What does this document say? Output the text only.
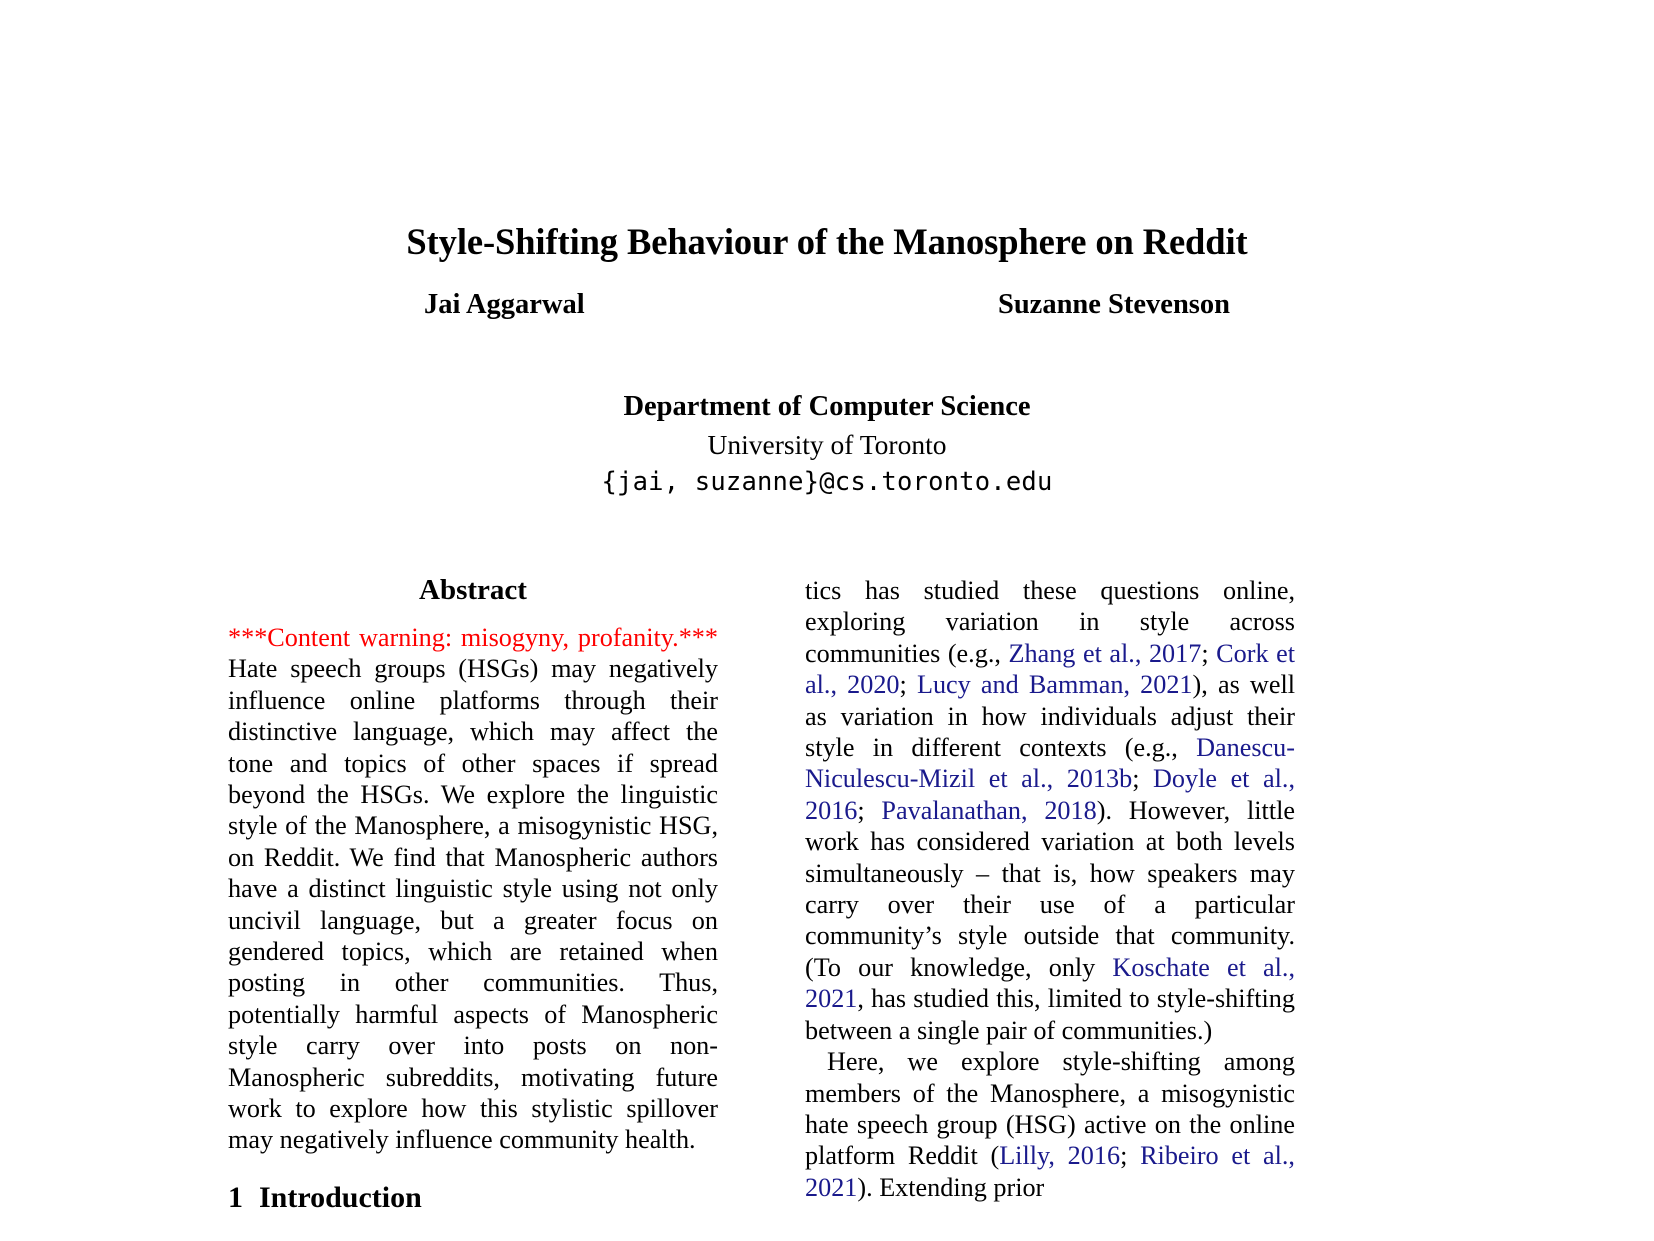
Style-Shifting Behaviour of the Manosphere on Reddit
Jai Aggarwal	Suzanne Stevenson
Department of Computer Science
University of Toronto
{jai, suzanne}@cs.toronto.edu
Abstract

***Content warning: misogyny, profanity.*** Hate speech groups (HSGs) may negatively influence online platforms through their distinctive language, which may affect the tone and topics of other spaces if spread beyond the HSGs. We explore the linguistic style of the Manosphere, a misogynistic HSG, on Reddit. We find that Manospheric authors have a distinct linguistic style using not only uncivil language, but a greater focus on gendered topics, which are retained when posting in other communities. Thus, potentially harmful aspects of Manospheric style carry over into posts on non-Manospheric subreddits, motivating future work to explore how this stylistic spillover may negatively influence community health.

1 Introduction

tics has studied these questions online, exploring variation in style across communities (e.g., Zhang et al., 2017; Cork et al., 2020; Lucy and Bamman, 2021), as well as variation in how individuals adjust their style in different contexts (e.g., Danescu-Niculescu-Mizil et al., 2013b; Doyle et al., 2016; Pavalanathan, 2018). However, little work has considered variation at both levels simultaneously – that is, how speakers may carry over their use of a particular community’s style outside that community. (To our knowledge, only Koschate et al., 2021, has studied this, limited to style-shifting between a single pair of communities.)

Here, we explore style-shifting among members of the Manosphere, a misogynistic hate speech group (HSG) active on the online platform Reddit (Lilly, 2016; Ribeiro et al., 2021). Extending prior
